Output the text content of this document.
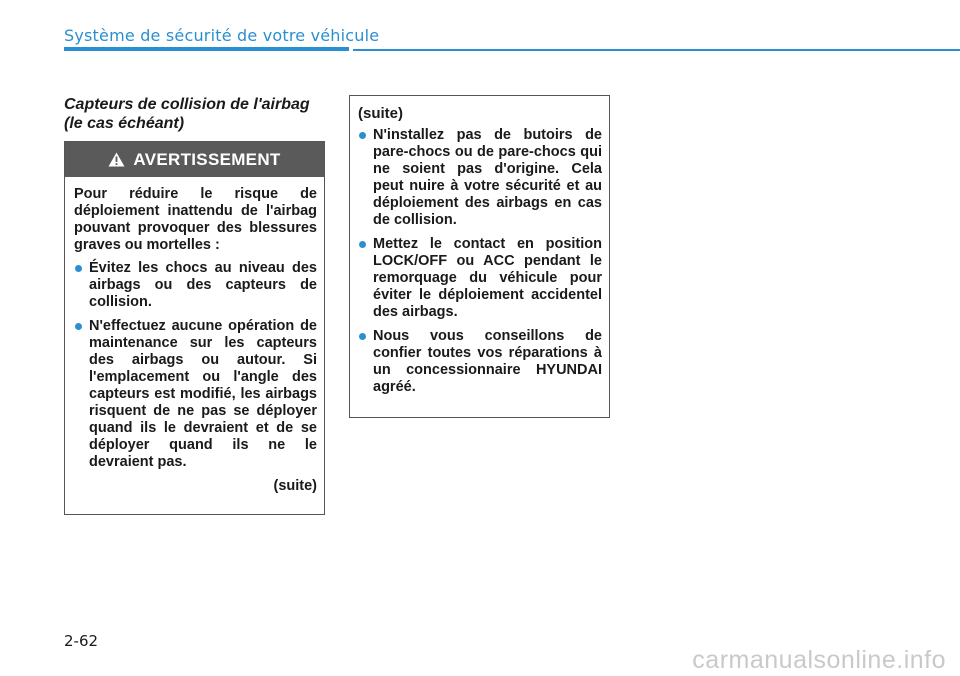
Système de sécurité de votre véhicule
Capteurs de collision de l'airbag
(le cas échéant)
AVERTISSEMENT

Pour réduire le risque de déploiement inattendu de l'airbag pouvant provoquer des blessures graves ou mortelles :

Évitez les chocs au niveau des airbags ou des capteurs de collision.
N'effectuez aucune opération de maintenance sur les capteurs des airbags ou autour. Si l'emplacement ou l'angle des capteurs est modifié, les airbags risquent de ne pas se déployer quand ils le devraient et de se déployer quand ils ne le devraient pas.
(suite)
(suite)
N'installez pas de butoirs de pare-chocs ou de pare-chocs qui ne soient pas d'origine. Cela peut nuire à votre sécurité et au déploiement des airbags en cas de collision.
Mettez le contact en position LOCK/OFF ou ACC pendant le remorquage du véhicule pour éviter le déploiement accidentel des airbags.
Nous vous conseillons de confier toutes vos réparations à un concessionnaire HYUNDAI agréé.
2-62
carmanualsonline.info
